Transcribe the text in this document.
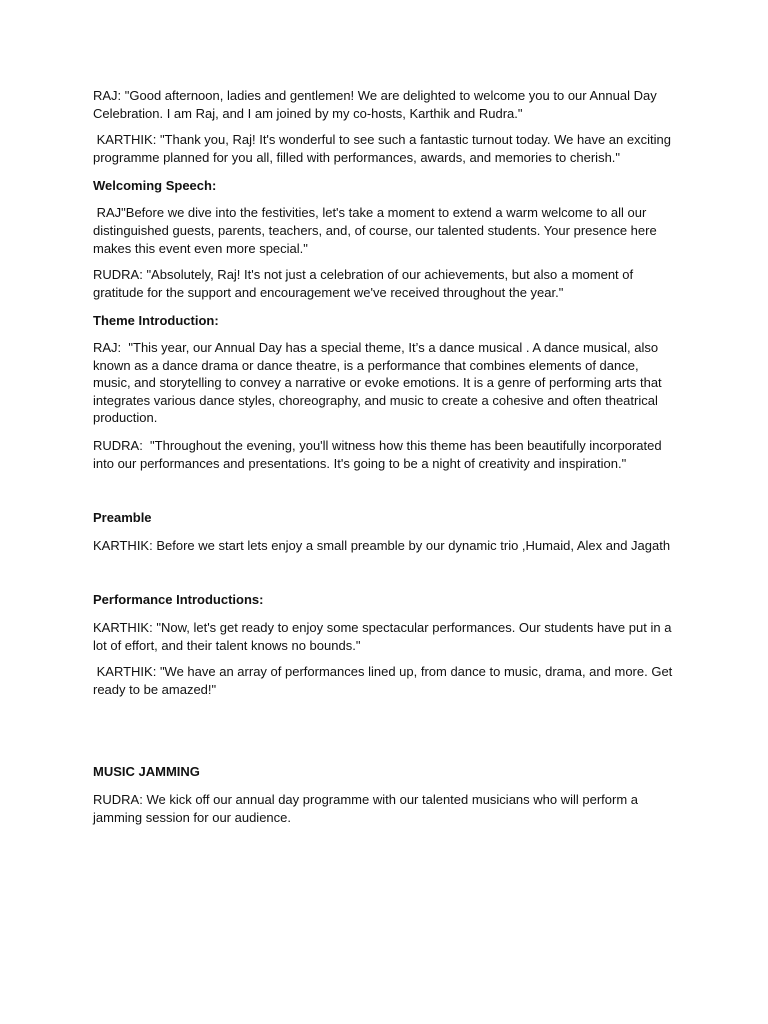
RAJ: "Good afternoon, ladies and gentlemen! We are delighted to welcome you to our Annual Day
Celebration. I am Raj, and I am joined by my co-hosts, Karthik and Rudra."
KARTHIK: "Thank you, Raj! It's wonderful to see such a fantastic turnout today. We have an exciting
programme planned for you all, filled with performances, awards, and memories to cherish."
Welcoming Speech:
RAJ"Before we dive into the festivities, let's take a moment to extend a warm welcome to all our
distinguished guests, parents, teachers, and, of course, our talented students. Your presence here
makes this event even more special."
RUDRA: "Absolutely, Raj! It's not just a celebration of our achievements, but also a moment of
gratitude for the support and encouragement we've received throughout the year."
Theme Introduction:
RAJ:  "This year, our Annual Day has a special theme, It’s a dance musical . A dance musical, also
known as a dance drama or dance theatre, is a performance that combines elements of dance,
music, and storytelling to convey a narrative or evoke emotions. It is a genre of performing arts that
integrates various dance styles, choreography, and music to create a cohesive and often theatrical
production.
RUDRA:  "Throughout the evening, you'll witness how this theme has been beautifully incorporated
into our performances and presentations. It's going to be a night of creativity and inspiration."
Preamble
KARTHIK: Before we start lets enjoy a small preamble by our dynamic trio ,Humaid, Alex and Jagath
Performance Introductions:
KARTHIK: "Now, let's get ready to enjoy some spectacular performances. Our students have put in a
lot of effort, and their talent knows no bounds."
KARTHIK: "We have an array of performances lined up, from dance to music, drama, and more. Get
ready to be amazed!"
MUSIC JAMMING
RUDRA: We kick off our annual day programme with our talented musicians who will perform a
jamming session for our audience.
